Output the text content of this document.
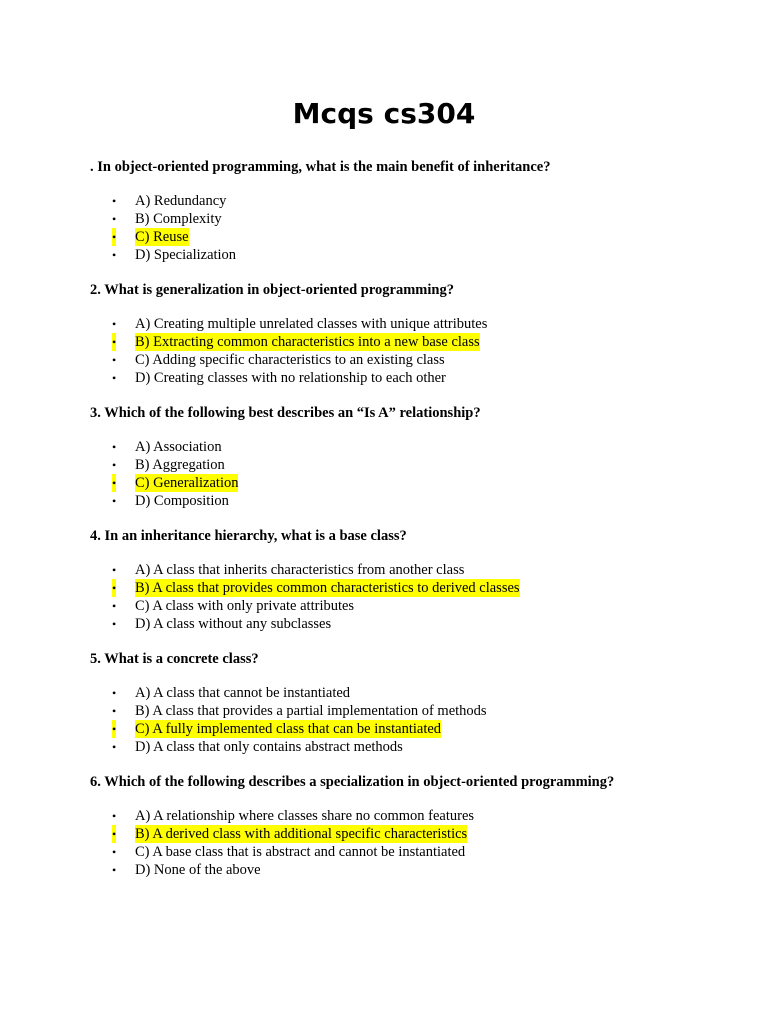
Mcqs cs304

. In object-oriented programming, what is the main benefit of inheritance?

• A) Redundancy
• B) Complexity
• C) Reuse
• D) Specialization

2. What is generalization in object-oriented programming?

• A) Creating multiple unrelated classes with unique attributes
• B) Extracting common characteristics into a new base class
• C) Adding specific characteristics to an existing class
• D) Creating classes with no relationship to each other

3. Which of the following best describes an “Is A” relationship?

• A) Association
• B) Aggregation
• C) Generalization
• D) Composition

4. In an inheritance hierarchy, what is a base class?

• A) A class that inherits characteristics from another class
• B) A class that provides common characteristics to derived classes
• C) A class with only private attributes
• D) A class without any subclasses

5. What is a concrete class?

• A) A class that cannot be instantiated
• B) A class that provides a partial implementation of methods
• C) A fully implemented class that can be instantiated
• D) A class that only contains abstract methods

6. Which of the following describes a specialization in object-oriented programming?

• A) A relationship where classes share no common features
• B) A derived class with additional specific characteristics
• C) A base class that is abstract and cannot be instantiated
• D) None of the above
